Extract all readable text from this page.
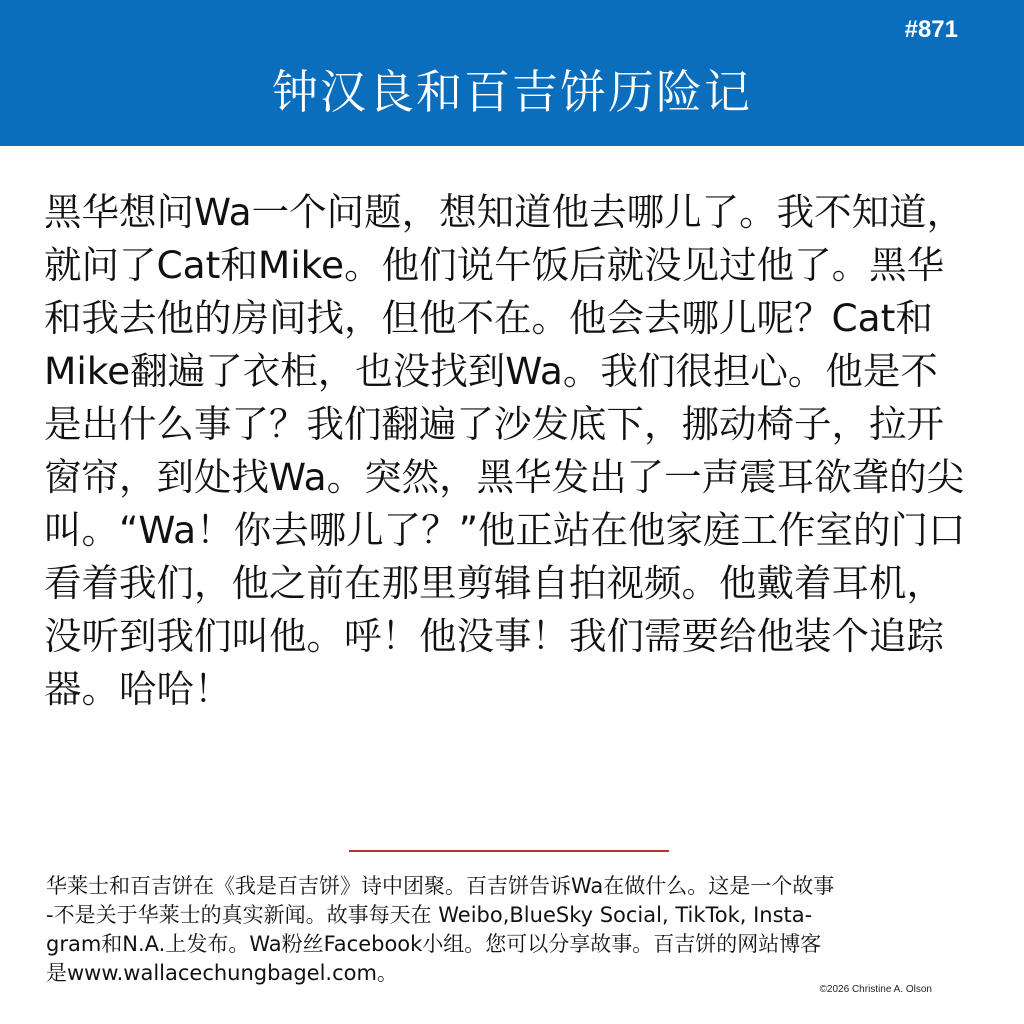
#871
钟汉良和百吉饼历险记
黑华想问Wa一个问题，想知道他去哪儿了。我不知道，
就问了Cat和Mike。他们说午饭后就没见过他了。黑华
和我去他的房间找，但他不在。他会去哪儿呢？Cat和
Mike翻遍了衣柜，也没找到Wa。我们很担心。他是不
是出什么事了？我们翻遍了沙发底下，挪动椅子，拉开
窗帘，到处找Wa。突然，黑华发出了一声震耳欲聋的尖
叫。“Wa！你去哪儿了？”他正站在他家庭工作室的门口
看着我们，他之前在那里剪辑自拍视频。他戴着耳机，
没听到我们叫他。呼！他没事！我们需要给他装个追踪
器。哈哈！
华莱士和百吉饼在《我是百吉饼》诗中团聚。百吉饼告诉Wa在做什么。这是一个故事
-不是关于华莱士的真实新闻。故事每天在 Weibo,BlueSky Social, TikTok, Insta-
gram和N.A.上发布。Wa粉丝Facebook小组。您可以分享故事。百吉饼的网站博客
是www.wallacechungbagel.com。
©2026 Christine A. Olson
